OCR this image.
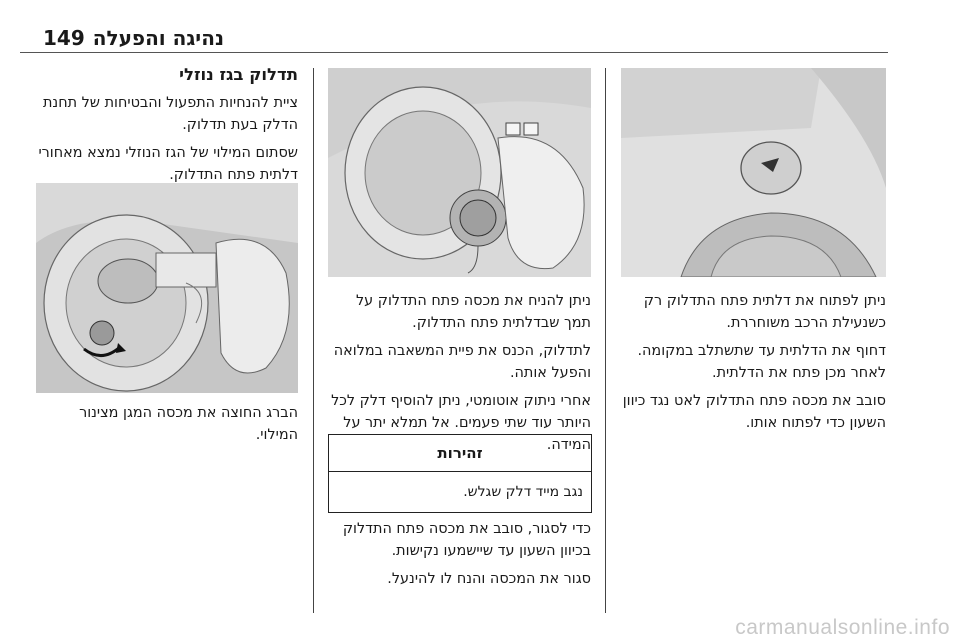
נהיגה והפעלה
149
תדלוק בגז נוזלי

ציית להנחיות התפעול והבטיחות של תחנת הדלק בעת תדלוק.

שסתום המילוי של הגז הנוזלי נמצא מאחורי דלתית פתח התדלוק.

הברג החוצה את מכסה המגן מצינור המילוי.

ניתן להניח את מכסה פתח התדלוק על תמך שבדלתית פתח התדלוק.

לתדלוק, הכנס את פיית המשאבה במלואה והפעל אותה.

אחרי ניתוק אוטומטי, ניתן להוסיף דלק לכל היותר עוד שתי פעמים. אל תמלא יתר על המידה.

זהירות
נגב מייד דלק שגלש.

כדי לסגור, סובב את מכסה פתח התדלוק בכיוון השעון עד שיישמעו נקישות.

סגור את המכסה והנח לו להינעל.

ניתן לפתוח את דלתית פתח התדלוק רק כשנעילת הרכב משוחררת.

דחוף את הדלתית עד שתשתלב במקומה. לאחר מכן פתח את הדלתית.

סובב את מכסה פתח התדלוק לאט נגד כיוון השעון כדי לפתוח אותו.

carmanualsonline.info
